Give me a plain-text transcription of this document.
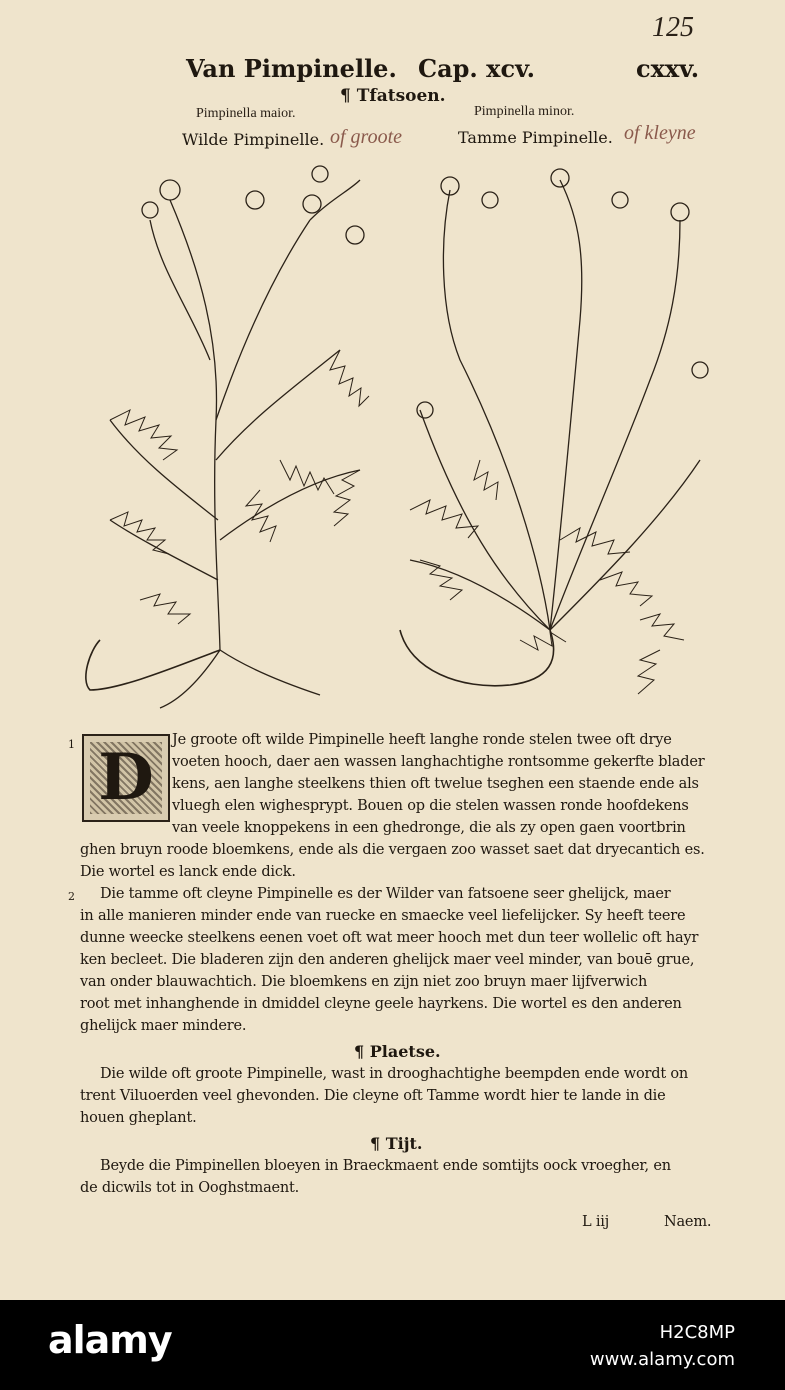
125
Van Pimpinelle. Cap. xcv.	cxxv.
¶ Tfatsoen.
Pimpinella maior.	Pimpinella minor.
Wilde Pimpinelle. of groote	Tamme Pimpinelle. of kleyne
D
1	Je groote oft wilde Pimpinelle heeft langhe ronde stelen twee oft drye
voeten hooch, daer aen wassen langhachtighe rontsomme gekerfte blader
kens, aen langhe steelkens thien oft twelue tseghen een staende ende als
vluegh elen wighesprypt. Bouen op die stelen wassen ronde hoofdekens
van veele knoppekens in een ghedronge, die als zy open gaen voortbrin
ghen bruyn roode bloemkens, ende als die vergaen zoo wasset saet dat dryecantich es.
Die wortel es lanck ende dick.
2 Die tamme oft cleyne Pimpinelle es der Wilder van fatsoene seer ghelijck, maer
in alle manieren minder ende van ruecke en smaecke veel liefelijcker. Sy heeft teere
dunne weecke steelkens eenen voet oft wat meer hooch met dun teer wollelic oft hayr
ken becleet. Die bladeren zijn den anderen ghelijck maer veel minder, van bouē grue,
van onder blauwachtich. Die bloemkens en zijn niet zoo bruyn maer lijfverwich
root met inhanghende in dmiddel cleyne geele hayrkens. Die wortel es den anderen
ghelijck maer mindere.
¶ Plaetse.
Die wilde oft groote Pimpinelle, wast in drooghachtighe beempden ende wordt on
trent Viluoerden veel ghevonden. Die cleyne oft Tamme wordt hier te lande in die
houen gheplant.
¶ Tijt.
Beyde die Pimpinellen bloeyen in Braeckmaent ende somtijts oock vroegher, en
de dicwils tot in Ooghstmaent.
L iij	Naem.
alamy	H2C8MP
www.alamy.com
